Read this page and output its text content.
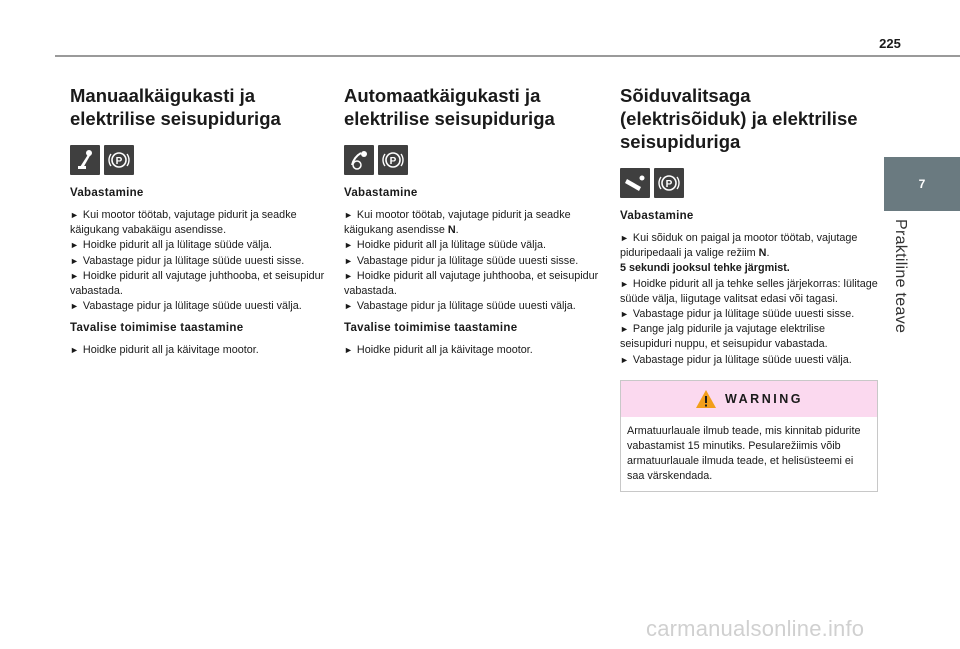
225
7
Praktiline teave
Manuaalkäigukasti ja
elektrilise seisupiduriga
P
Vabastamine

► Kui mootor töötab, vajutage pidurit ja seadke käigukang vabakäigu asendisse.

► Hoidke pidurit all ja lülitage süüde välja.

► Vabastage pidur ja lülitage süüde uuesti sisse.

► Hoidke pidurit all vajutage juhthooba, et seisupidur vabastada.

► Vabastage pidur ja lülitage süüde uuesti välja.

Tavalise toimimise taastamine

► Hoidke pidurit all ja käivitage mootor.

Automaatkäigukasti ja
elektrilise seisupiduriga
P
Vabastamine

► Kui mootor töötab, vajutage pidurit ja seadke käigukang asendisse N.

► Hoidke pidurit all ja lülitage süüde välja.

► Vabastage pidur ja lülitage süüde uuesti sisse.

► Hoidke pidurit all vajutage juhthooba, et seisupidur vabastada.

► Vabastage pidur ja lülitage süüde uuesti välja.

Tavalise toimimise taastamine

► Hoidke pidurit all ja käivitage mootor.

Sõiduvalitsaga
(elektrisõiduk) ja elektrilise
seisupiduriga
P
Vabastamine

► Kui sõiduk on paigal ja mootor töötab, vajutage piduripedaali ja valige režiim N.

5 sekundi jooksul tehke järgmist.

► Hoidke pidurit all ja tehke selles järjekorras: lülitage süüde välja, liigutage valitsat edasi või tagasi.

► Vabastage pidur ja lülitage süüde uuesti sisse.

► Pange jalg pidurile ja vajutage elektrilise seisupiduri nuppu, et seisupidur vabastada.

► Vabastage pidur ja lülitage süüde uuesti välja.

WARNING
Armatuurlauale ilmub teade, mis kinnitab pidurite vabastamist 15 minutiks. Pesularežiimis võib armatuurlauale ilmuda teade, et helisüsteemi ei saa värskendada.
carmanualsonline.info
